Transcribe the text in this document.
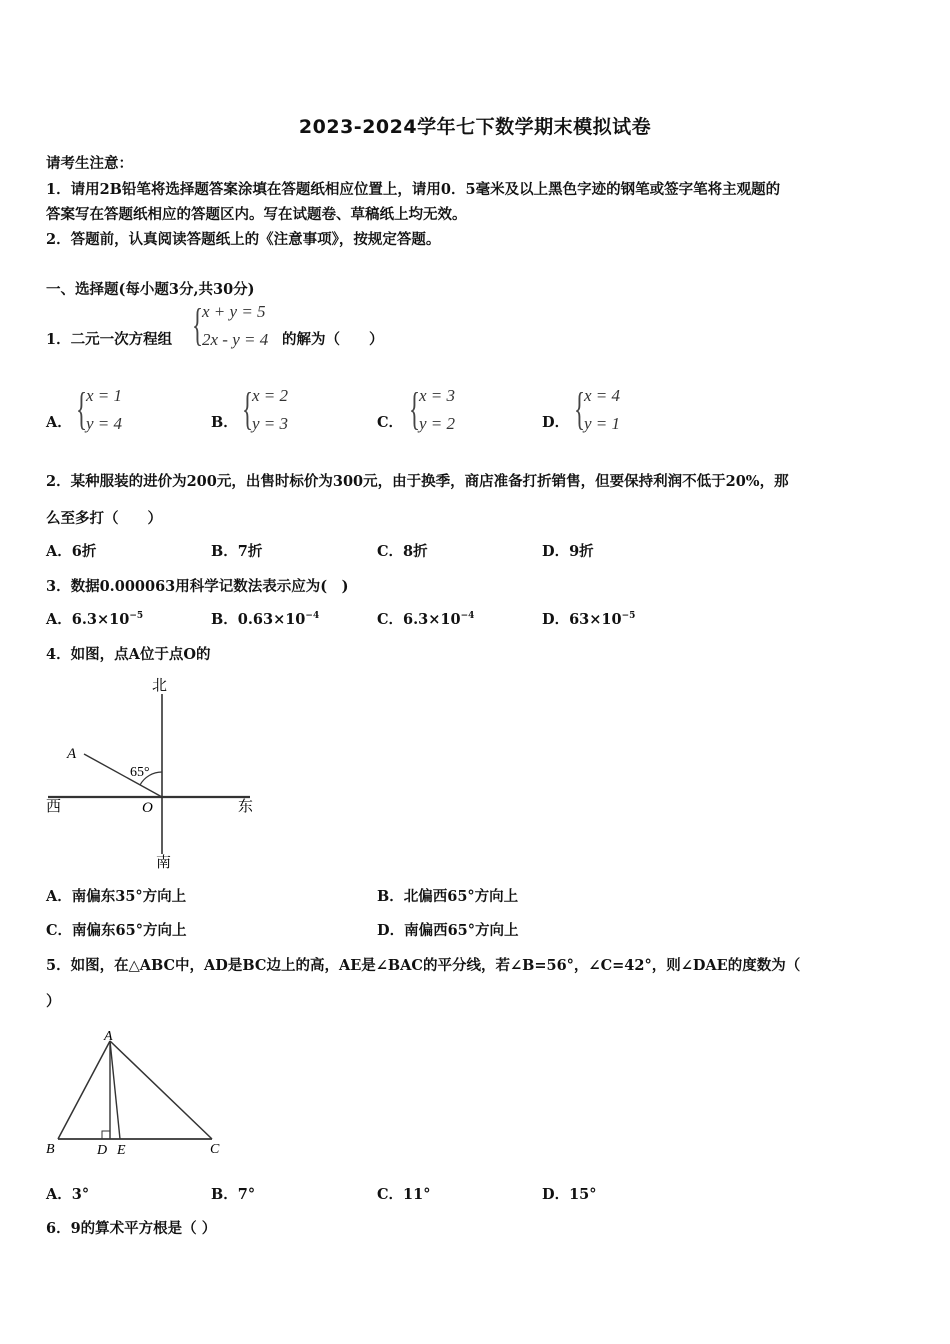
2023-2024学年七下数学期末模拟试卷
请考生注意：
1．请用2B铅笔将选择题答案涂填在答题纸相应位置上，请用0．5毫米及以上黑色字迹的钢笔或签字笔将主观题的
答案写在答题纸相应的答题区内。写在试题卷、草稿纸上均无效。
2．答题前，认真阅读答题纸上的《注意事项》，按规定答题。
一、选择题(每小题3分,共30分)
1．二元一次方程组 {
x + y = 5
2x - y = 4 的解为（　　）
A． {
x = 1
y = 4	B． {
x = 2
y = 3	C． {
x = 3
y = 2	D． {
x = 4
y = 1
2．某种服装的进价为200元，出售时标价为300元，由于换季，商店准备打折销售，但要保持利润不低于20%，那
么至多打（　　）
A．6折	B．7折	C．8折	D．9折
3．数据0.000063用科学记数法表示应为(　)
A．$6.3\times 10^{-5}$	B．$0.63\times 10^{-4}$	C．$6.3\times 10^{-4}$	D．$63\times 10^{-5}$
4．如图，点A位于点O的
北
南
西	东
A
O
65°
A．南偏东35°方向上	B．北偏西65°方向上
C．南偏东65°方向上	D．南偏西65°方向上
5．如图，在△ABC中，AD是BC边上的高，AE是∠BAC的平分线，若∠B=56°，∠C=42°，则∠DAE的度数为（
）
A
B	C
D E
A．3°	B．7°	C．11°	D．15°
6．9的算术平方根是（ ）
